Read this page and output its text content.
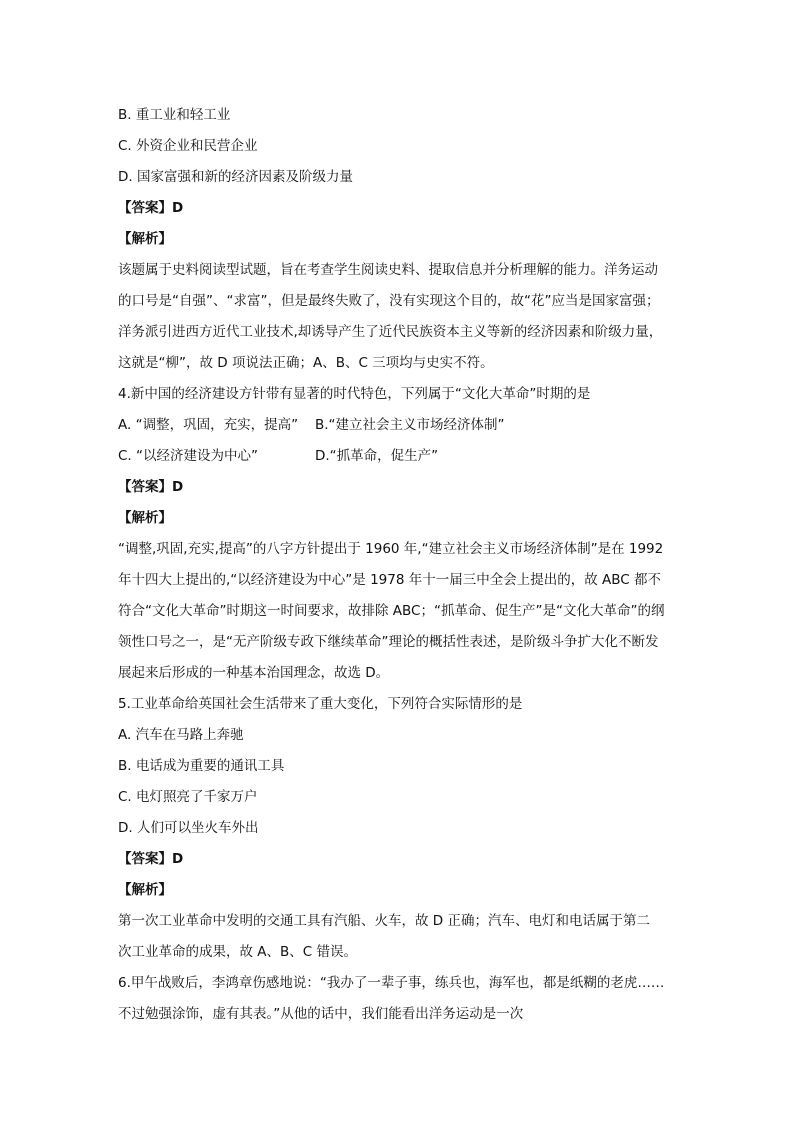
B. 重工业和轻工业
C. 外资企业和民营企业
D. 国家富强和新的经济因素及阶级力量
【答案】D
【解析】
该题属于史料阅读型试题，旨在考查学生阅读史料、提取信息并分析理解的能力。洋务运动
的口号是“自强”、“求富”，但是最终失败了，没有实现这个目的，故“花”应当是国家富强；
洋务派引进西方近代工业技术,却诱导产生了近代民族资本主义等新的经济因素和阶级力量，
这就是“柳”，故 D 项说法正确；A、B、C 三项均与史实不符。
4.新中国的经济建设方针带有显著的时代特色，下列属于“文化大革命”时期的是
A. “调整，巩固，充实，提高”	B.“建立社会主义市场经济体制”
C. “以经济建设为中心”	D.“抓革命，促生产”
【答案】D
【解析】
“调整,巩固,充实,提高”的八字方针提出于 1960 年,“建立社会主义市场经济体制”是在 1992
年十四大上提出的,“以经济建设为中心”是 1978 年十一届三中全会上提出的，故 ABC 都不
符合“文化大革命”时期这一时间要求，故排除 ABC；“抓革命、促生产”是“文化大革命”的纲
领性口号之一，是“无产阶级专政下继续革命”理论的概括性表述，是阶级斗争扩大化不断发
展起来后形成的一种基本治国理念，故选 D。
5.工业革命给英国社会生活带来了重大变化，下列符合实际情形的是
A. 汽车在马路上奔驰
B. 电话成为重要的通讯工具
C. 电灯照亮了千家万户
D. 人们可以坐火车外出
【答案】D
【解析】
第一次工业革命中发明的交通工具有汽船、火车，故 D 正确；汽车、电灯和电话属于第二
次工业革命的成果，故 A、B、C 错误。
6.甲午战败后，李鸿章伤感地说：“我办了一辈子事，练兵也，海军也，都是纸糊的老虎……
不过勉强涂饰，虚有其表。”从他的话中，我们能看出洋务运动是一次
